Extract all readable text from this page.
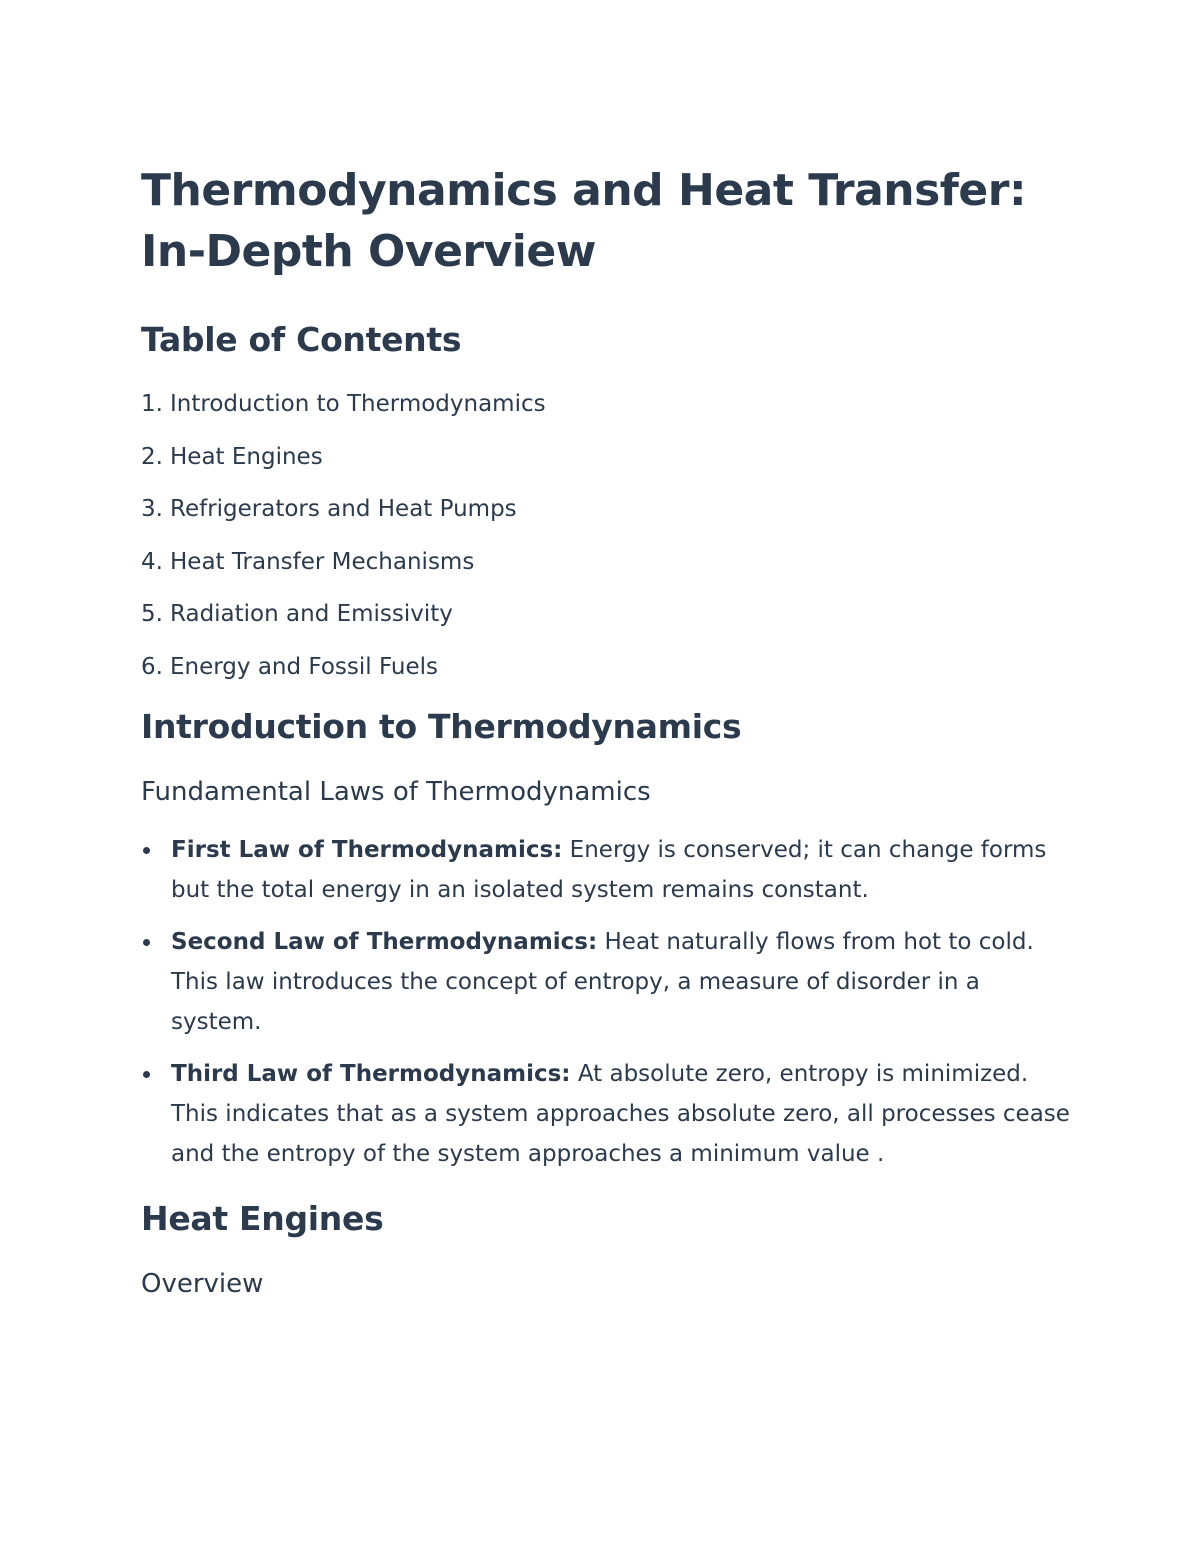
Thermodynamics and Heat Transfer:
In-Depth Overview
Table of Contents
1. Introduction to Thermodynamics
2. Heat Engines
3. Refrigerators and Heat Pumps
4. Heat Transfer Mechanisms
5. Radiation and Emissivity
6. Energy and Fossil Fuels
Introduction to Thermodynamics
Fundamental Laws of Thermodynamics
First Law of Thermodynamics: Energy is conserved; it can change forms but the total energy in an isolated system remains constant.
Second Law of Thermodynamics: Heat naturally flows from hot to cold. This law introduces the concept of entropy, a measure of disorder in a system.
Third Law of Thermodynamics: At absolute zero, entropy is minimized. This indicates that as a system approaches absolute zero, all processes cease and the entropy of the system approaches a minimum value .
Heat Engines
Overview
